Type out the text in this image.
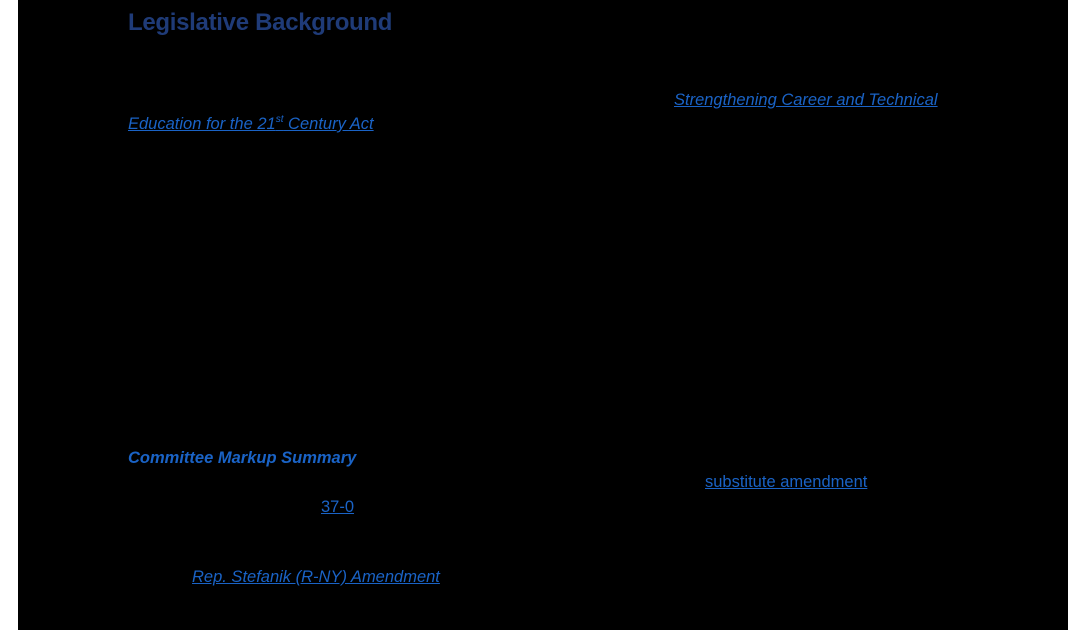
Legislative Background

Strengthening Career and Technical

Education for the 21st Century Act

Committee Markup Summary

substitute amendment

37-0

Rep. Stefanik (R-NY) Amendment
